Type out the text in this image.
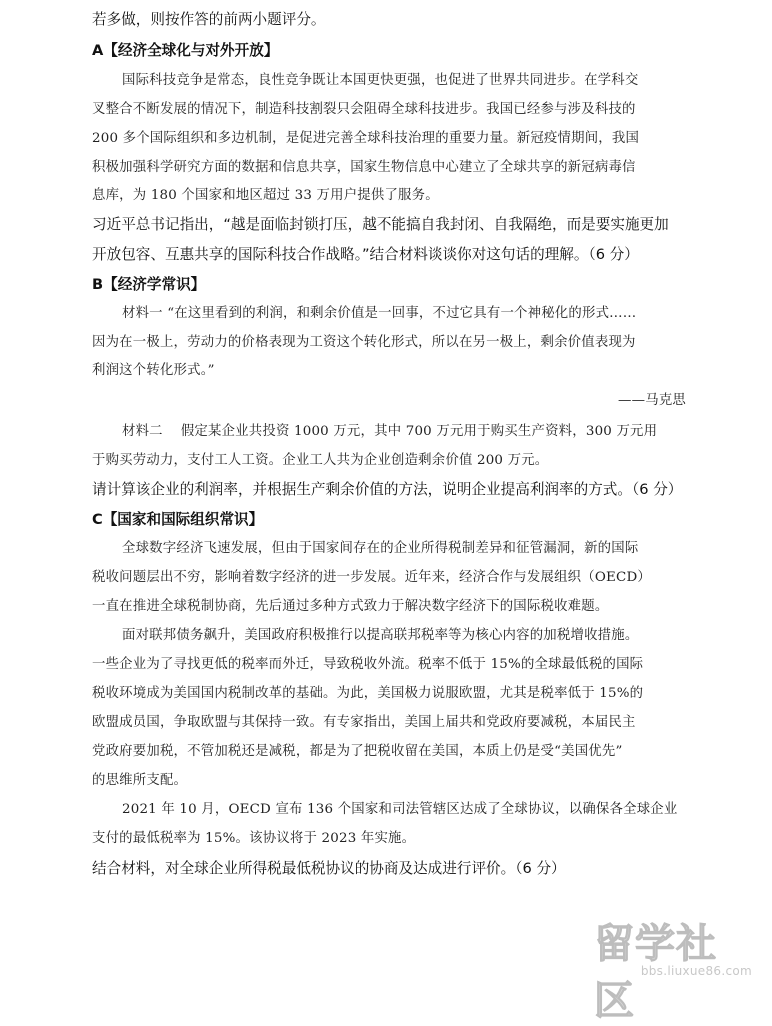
若多做，则按作答的前两小题评分。
A【经济全球化与对外开放】
国际科技竞争是常态，良性竞争既让本国更快更强，也促进了世界共同进步。在学科交
叉整合不断发展的情况下，制造科技割裂只会阻碍全球科技进步。我国已经参与涉及科技的
200 多个国际组织和多边机制，是促进完善全球科技治理的重要力量。新冠疫情期间，我国
积极加强科学研究方面的数据和信息共享，国家生物信息中心建立了全球共享的新冠病毒信
息库，为 180 个国家和地区超过 33 万用户提供了服务。
习近平总书记指出，“越是面临封锁打压，越不能搞自我封闭、自我隔绝，而是要实施更加
开放包容、互惠共享的国际科技合作战略。”结合材料谈谈你对这句话的理解。（6 分）
B【经济学常识】
材料一 “在这里看到的利润，和剩余价值是一回事，不过它具有一个神秘化的形式……
因为在一极上，劳动力的价格表现为工资这个转化形式，所以在另一极上，剩余价值表现为
利润这个转化形式。”
——马克思
材料二　 假定某企业共投资 1000 万元，其中 700 万元用于购买生产资料，300 万元用
于购买劳动力，支付工人工资。企业工人共为企业创造剩余价值 200 万元。
请计算该企业的利润率，并根据生产剩余价值的方法，说明企业提高利润率的方式。（6 分）
C【国家和国际组织常识】
全球数字经济飞速发展，但由于国家间存在的企业所得税制差异和征管漏洞，新的国际
税收问题层出不穷，影响着数字经济的进一步发展。近年来，经济合作与发展组织（OECD）
一直在推进全球税制协商，先后通过多种方式致力于解决数字经济下的国际税收难题。
面对联邦债务飙升，美国政府积极推行以提高联邦税率等为核心内容的加税增收措施。
一些企业为了寻找更低的税率而外迁，导致税收外流。税率不低于 15%的全球最低税的国际
税收环境成为美国国内税制改革的基础。为此，美国极力说服欧盟，尤其是税率低于 15%的
欧盟成员国，争取欧盟与其保持一致。有专家指出，美国上届共和党政府要减税，本届民主
党政府要加税，不管加税还是减税，都是为了把税收留在美国，本质上仍是受“美国优先”
的思维所支配。
2021 年 10 月，OECD 宣布 136 个国家和司法管辖区达成了全球协议，以确保各全球企业
支付的最低税率为 15%。该协议将于 2023 年实施。
结合材料，对全球企业所得税最低税协议的协商及达成进行评价。（6 分）
留学社区
bbs.liuxue86.com
